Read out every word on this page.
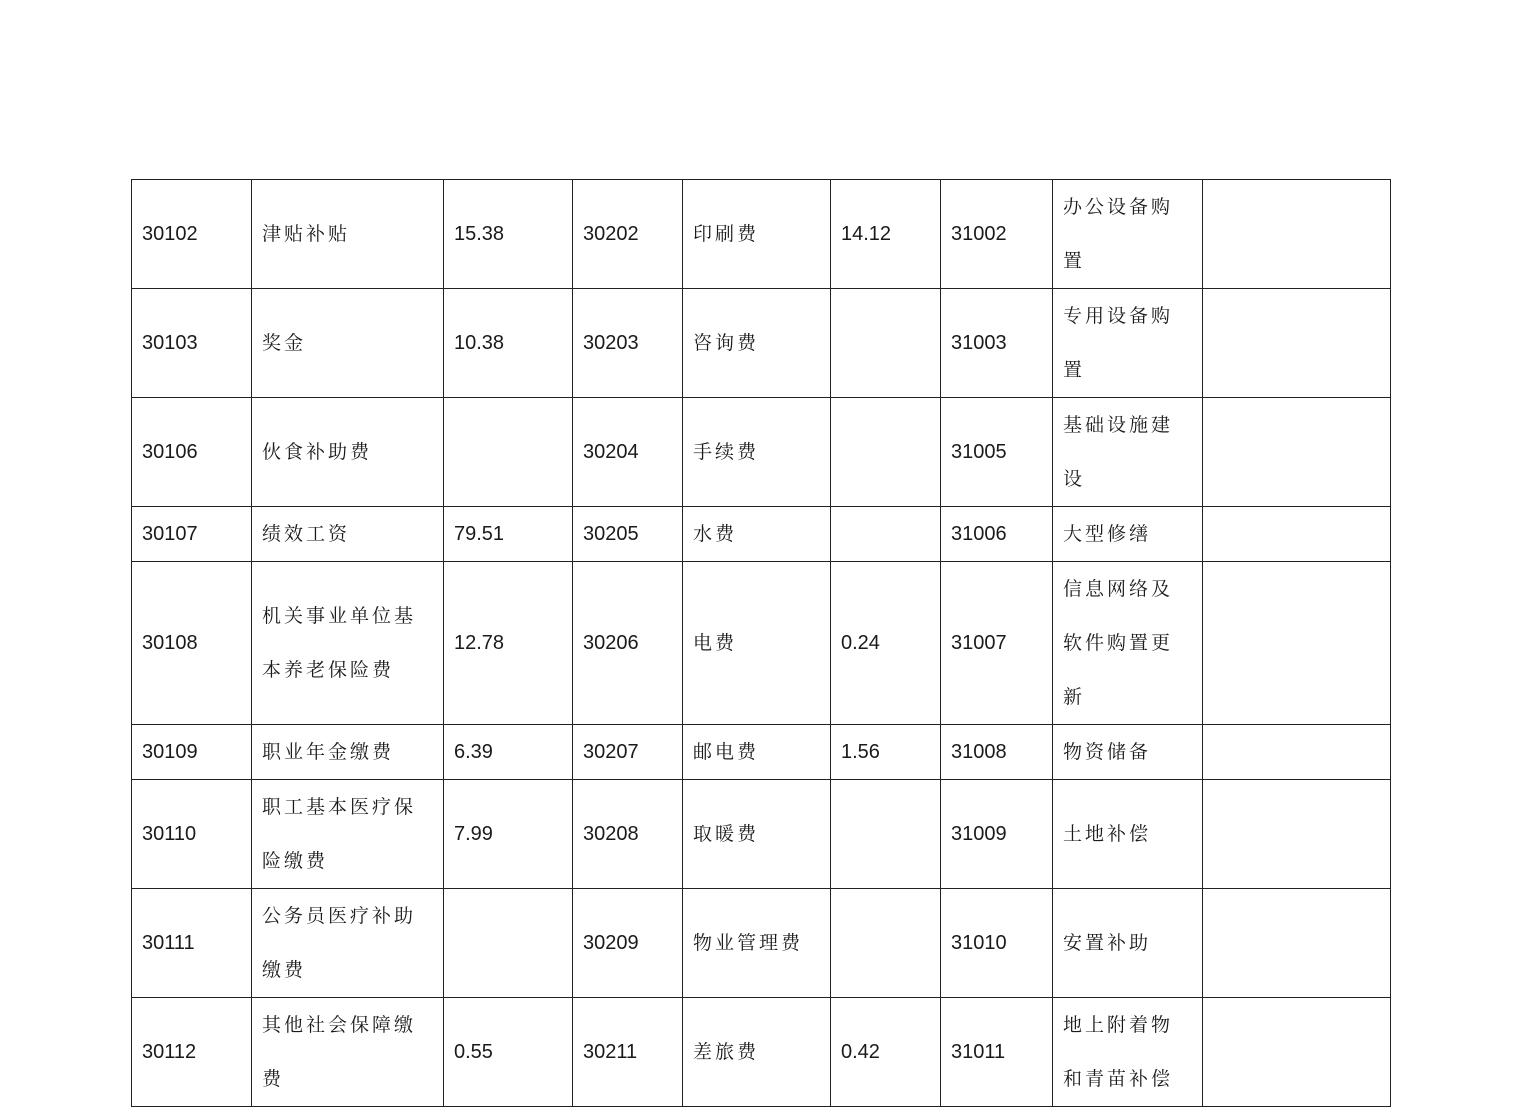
30102	津贴补贴	15.38	30202	印刷费	14.12	31002	办公设备购置	
30103	奖金	10.38	30203	咨询费		31003	专用设备购置	
30106	伙食补助费		30204	手续费		31005	基础设施建设	
30107	绩效工资	79.51	30205	水费		31006	大型修缮	
30108	机关事业单位基本养老保险费	12.78	30206	电费	0.24	31007	信息网络及软件购置更新	
30109	职业年金缴费	6.39	30207	邮电费	1.56	31008	物资储备	
30110	职工基本医疗保险缴费	7.99	30208	取暖费		31009	土地补偿	
30111	公务员医疗补助缴费		30209	物业管理费		31010	安置补助	
30112	其他社会保障缴费	0.55	30211	差旅费	0.42	31011	地上附着物和青苗补偿	
